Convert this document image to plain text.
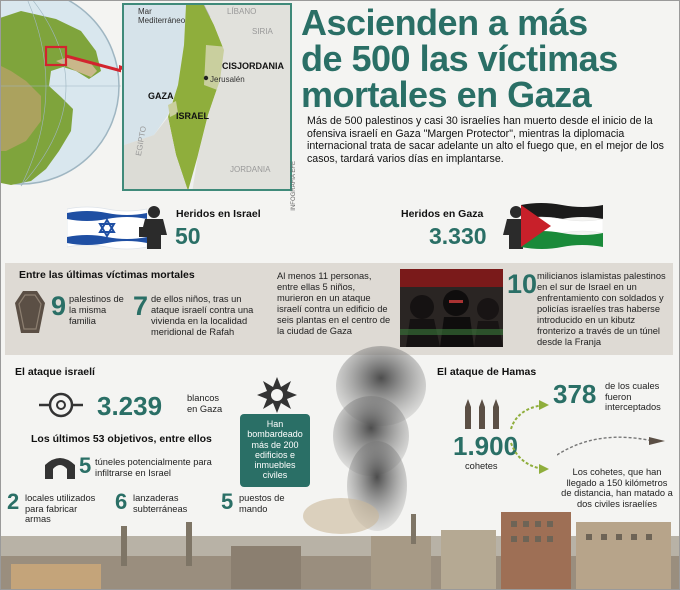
Mar Mediterráneo
LÍBANO
SIRIA
CISJORDANIA
Jerusalén
GAZA
ISRAEL
EGIPTO
JORDANIA
Ascienden a más
de 500 las víctimas
mortales en Gaza
Más de 500 palestinos y casi 30 israelíes han muerto desde el inicio de la ofensiva israelí en Gaza "Margen Protector", mientras la diplomacia internacional trata de sacar adelante un alto el fuego que, en el mejor de los casos, tardará varios días en implantarse.
INFOGRAFÍA EFE
Heridos en Israel
50
Heridos en Gaza
3.330
Entre las últimas víctimas mortales
9 palestinos de la misma familia	7 de ellos niños, tras un ataque israelí contra una vivienda en la localidad meridional de Rafah
Al menos 11 personas, entre ellas 5 niños, murieron en un ataque israelí contra un edificio de seis plantas en el centro de la ciudad de Gaza
10 milicianos islamistas palestinos en el sur de Israel en un enfrentamiento con soldados y policías israelíes tras haberse introducido en un kibutz fronterizo a través de un túnel desde la Franja
El ataque israelí
3.239	blancos en Gaza
Los últimos 53 objetivos, entre ellos
5 túneles potencialmente para infiltrarse en Israel
2 locales utilizados para fabricar armas
6 lanzaderas subterráneas	5 puestos de mando
Han bombardeado más de 200 edificios e inmuebles civiles
El ataque de Hamas
1.900
cohetes
378 de los cuales fueron interceptados
Los cohetes, que han llegado a 150 kilómetros de distancia, han matado a dos civiles israelíes
